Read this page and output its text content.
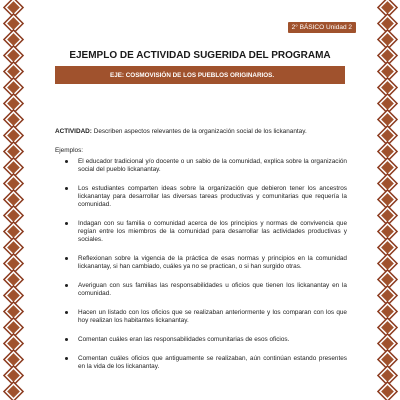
2° BÁSICO Unidad 2
EJEMPLO DE ACTIVIDAD SUGERIDA DEL PROGRAMA
EJE: COSMOVISIÓN DE LOS PUEBLOS ORIGINARIOS.

ACTIVIDAD: Describen aspectos relevantes de la organización social de los lickanantay.

Ejemplos:

El educador tradicional y/o docente o un sabio de la comunidad, explica sobre la organización social del pueblo lickanantay.
Los estudiantes comparten ideas sobre la organización que debieron tener los ancestros lickanantay para desarrollar las diversas tareas productivas y comunitarias que requería la comunidad.
Indagan con su familia o comunidad acerca de los principios y normas de convivencia que regían entre los miembros de la comunidad para desarrollar las actividades productivas y sociales.
Reflexionan sobre la vigencia de la práctica de esas normas y principios en la comunidad lickanantay, si han cambiado, cuáles ya no se practican, o si han surgido otras.
Averiguan con sus familias las responsabilidades u oficios que tienen los lickanantay en la comunidad.
Hacen un listado con los oficios que se realizaban anteriormente y los comparan con los que hoy realizan los habitantes lickanantay.
Comentan cuáles eran las responsabilidades comunitarias de esos oficios.
Comentan cuáles oficios que antiguamente se realizaban, aún continúan estando presentes en la vida de los lickanantay.
